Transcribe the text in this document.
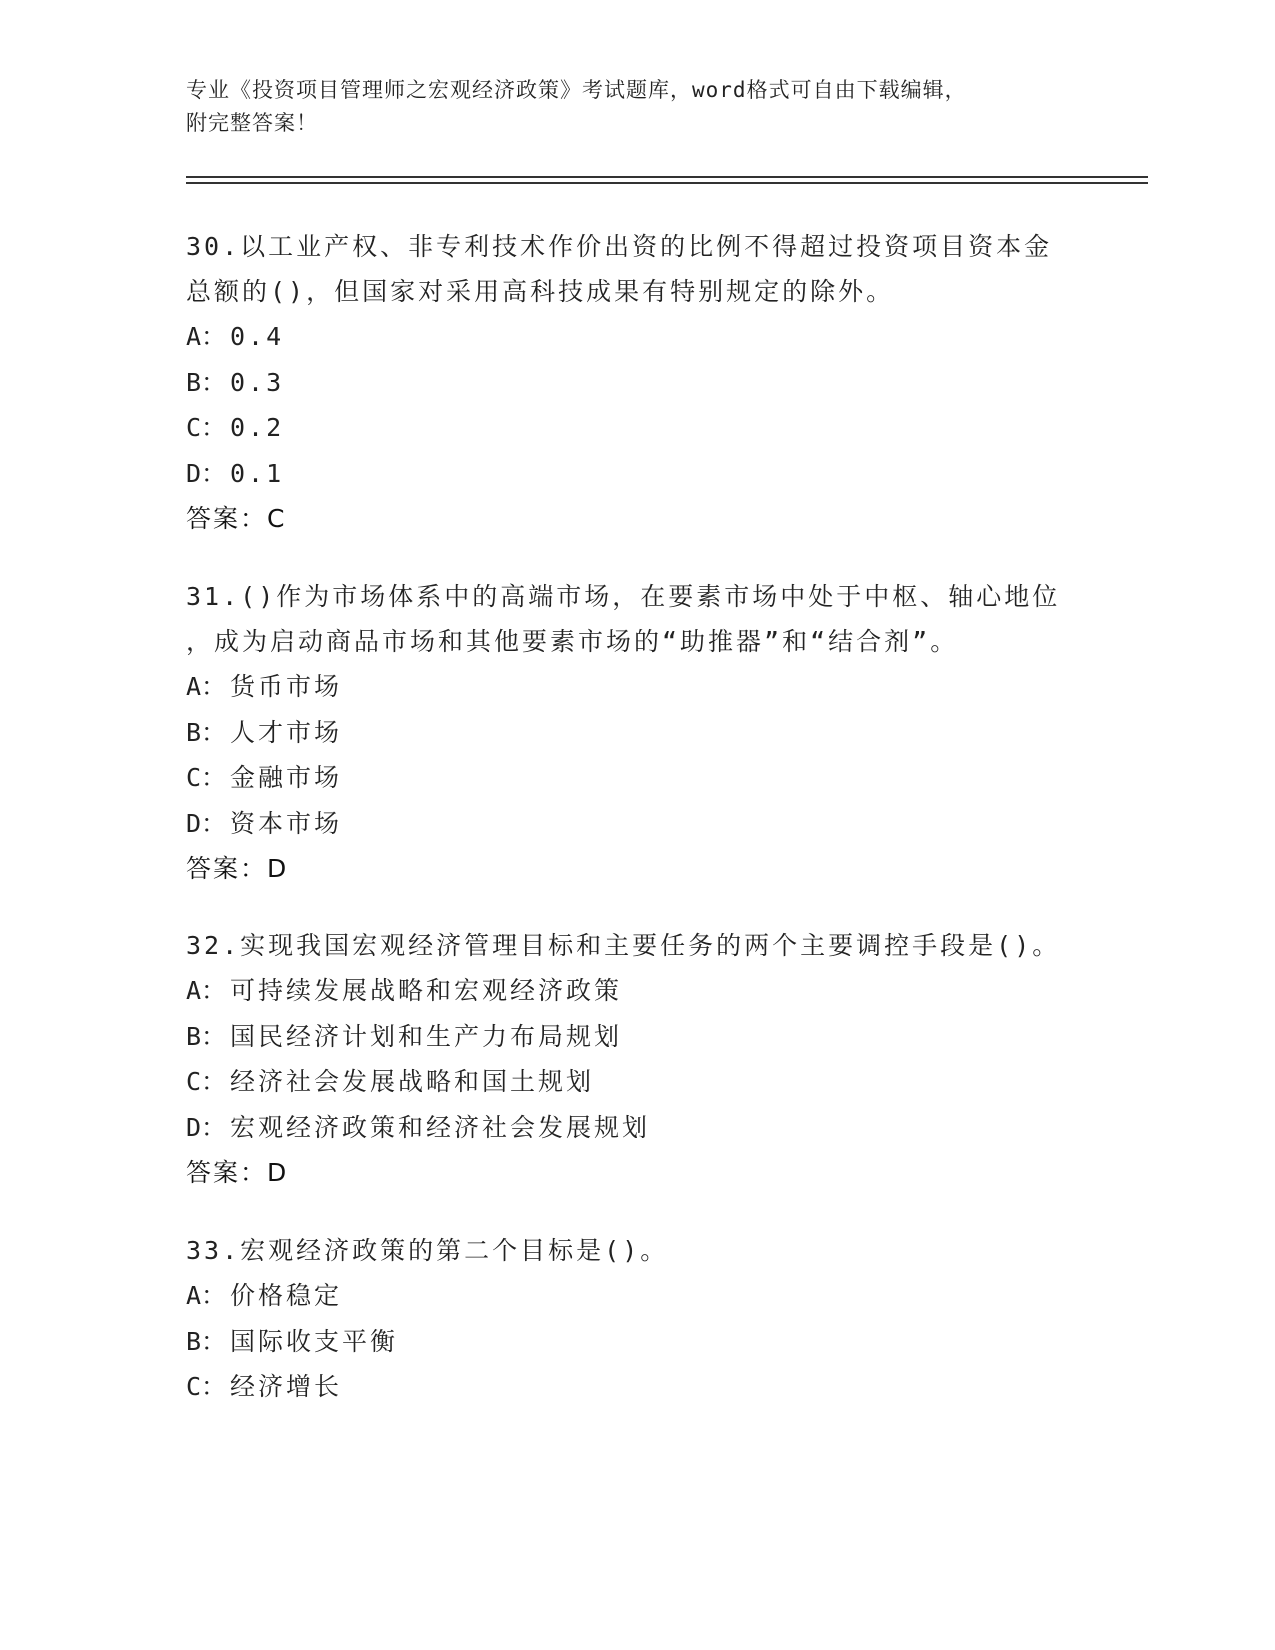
专业《投资项目管理师之宏观经济政策》考试题库，word格式可自由下载编辑，
附完整答案！
30.以工业产权、非专利技术作价出资的比例不得超过投资项目资本金
总额的()，但国家对采用高科技成果有特别规定的除外。
A： 0.4
B： 0.3
C： 0.2
D： 0.1
答案：C
31.()作为市场体系中的高端市场，在要素市场中处于中枢、轴心地位
，成为启动商品市场和其他要素市场的“助推器”和“结合剂”。
A： 货币市场
B： 人才市场
C： 金融市场
D： 资本市场
答案：D
32.实现我国宏观经济管理目标和主要任务的两个主要调控手段是()。
A： 可持续发展战略和宏观经济政策
B： 国民经济计划和生产力布局规划
C： 经济社会发展战略和国土规划
D： 宏观经济政策和经济社会发展规划
答案：D
33.宏观经济政策的第二个目标是()。
A： 价格稳定
B： 国际收支平衡
C： 经济增长
